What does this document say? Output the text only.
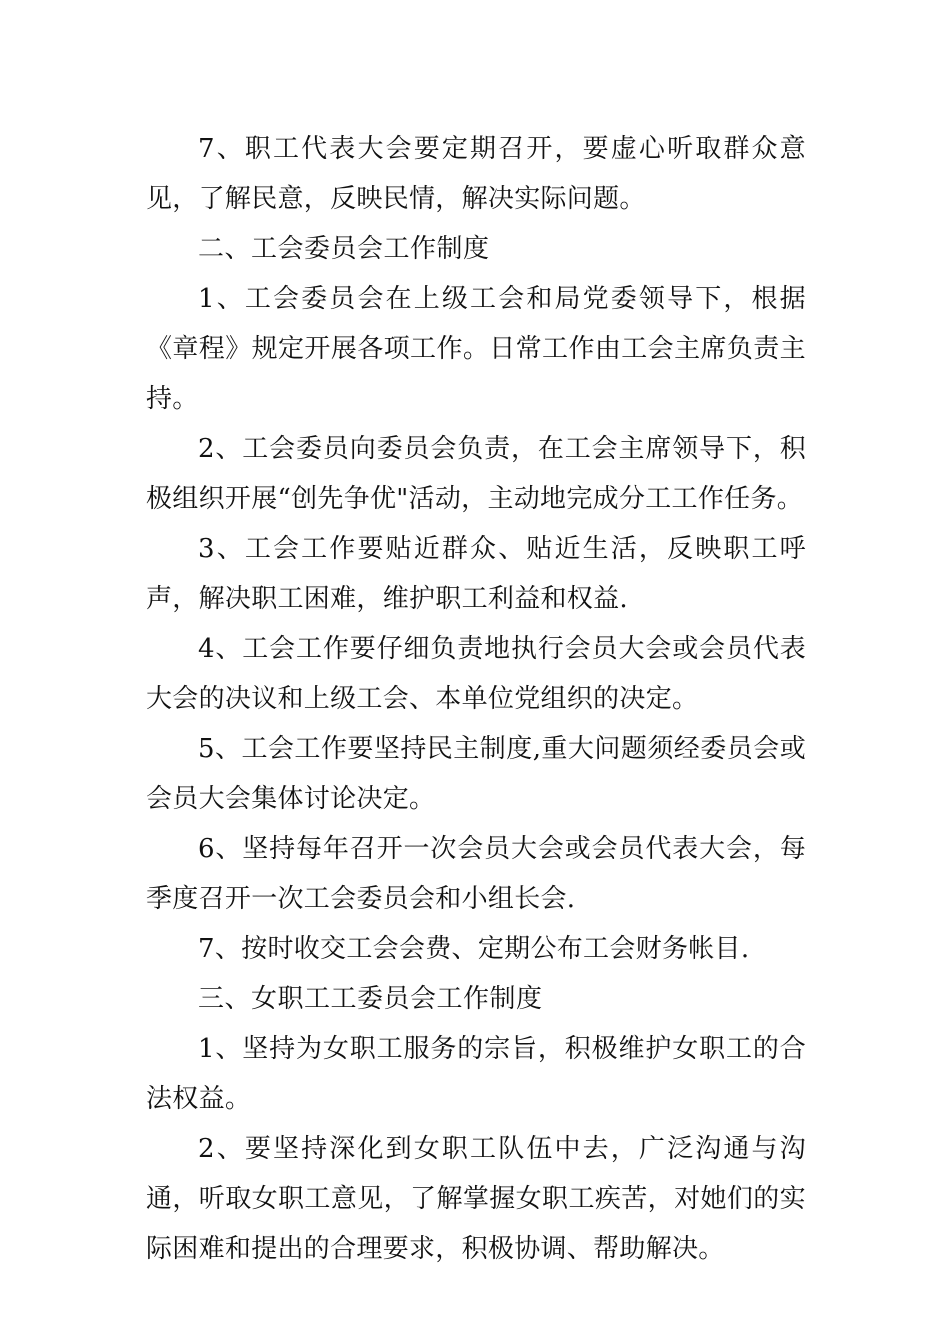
7、职工代表大会要定期召开，要虚心听取群众意见，了解民意，反映民情，解决实际问题。

二、工会委员会工作制度

1、工会委员会在上级工会和局党委领导下，根据《章程》规定开展各项工作。日常工作由工会主席负责主持。

2、工会委员向委员会负责，在工会主席领导下，积极组织开展“创先争优"活动，主动地完成分工工作任务。

3、工会工作要贴近群众、贴近生活，反映职工呼声，解决职工困难，维护职工利益和权益.

4、工会工作要仔细负责地执行会员大会或会员代表大会的决议和上级工会、本单位党组织的决定。

5、工会工作要坚持民主制度,重大问题须经委员会或会员大会集体讨论决定。

6、坚持每年召开一次会员大会或会员代表大会，每季度召开一次工会委员会和小组长会.

7、按时收交工会会费、定期公布工会财务帐目.

三、女职工工委员会工作制度

1、坚持为女职工服务的宗旨，积极维护女职工的合法权益。

2、要坚持深化到女职工队伍中去，广泛沟通与沟通，听取女职工意见，了解掌握女职工疾苦，对她们的实际困难和提出的合理要求，积极协调、帮助解决。
